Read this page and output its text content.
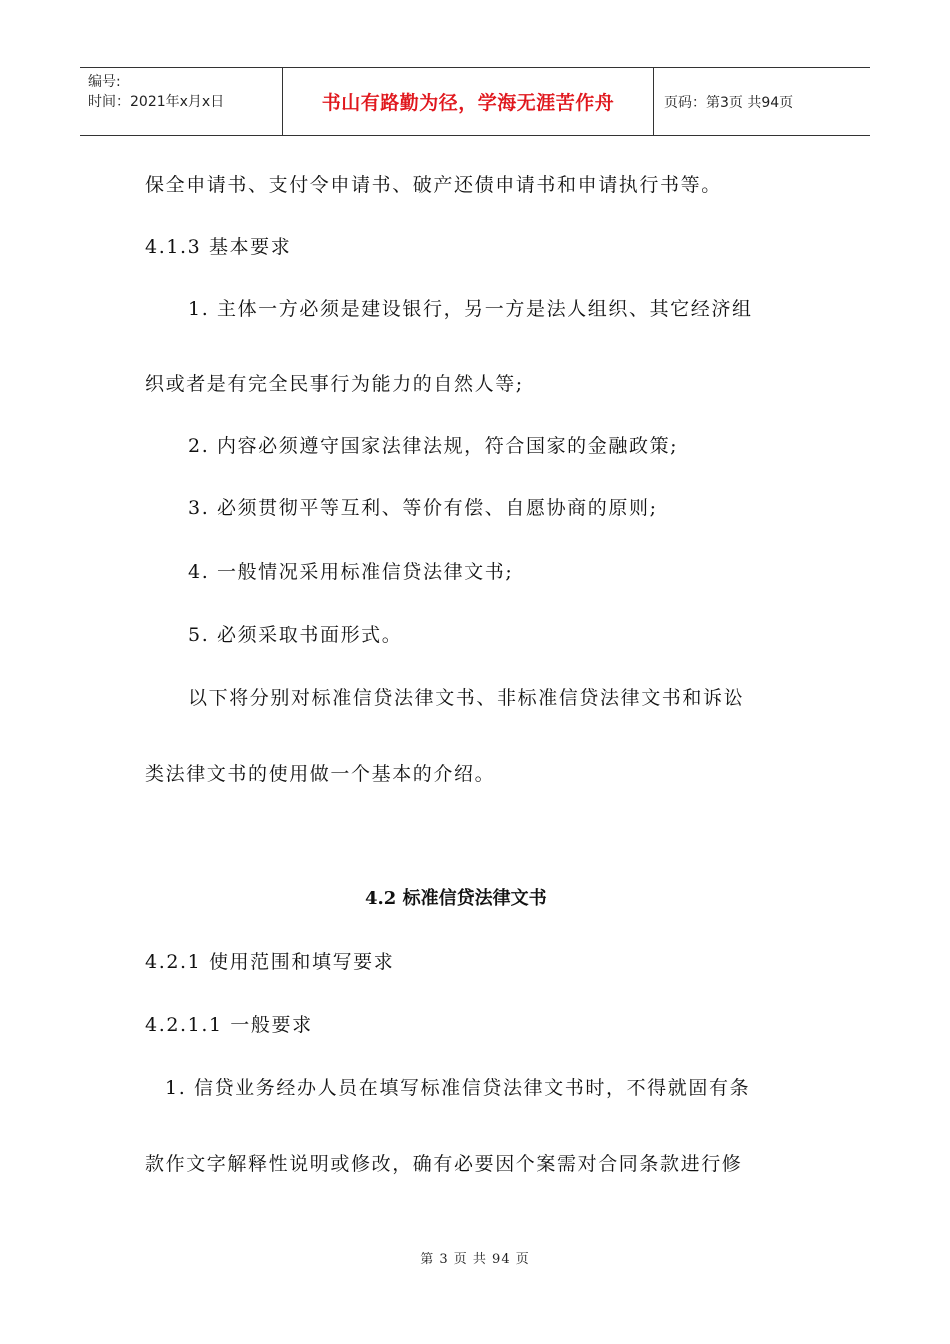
编号:
时间：2021年x月x日	书山有路勤为径，学海无涯苦作舟	页码：第3页 共94页
保全申请书、支付令申请书、破产还债申请书和申请执行书等。
4.1.3 基本要求
1. 主体一方必须是建设银行，另一方是法人组织、其它经济组
织或者是有完全民事行为能力的自然人等;
2. 内容必须遵守国家法律法规，符合国家的金融政策;
3. 必须贯彻平等互利、等价有偿、自愿协商的原则;
4. 一般情况采用标准信贷法律文书;
5. 必须采取书面形式。
以下将分别对标准信贷法律文书、非标准信贷法律文书和诉讼
类法律文书的使用做一个基本的介绍。
4.2 标准信贷法律文书
4.2.1 使用范围和填写要求
4.2.1.1 一般要求
1. 信贷业务经办人员在填写标准信贷法律文书时，不得就固有条
款作文字解释性说明或修改，确有必要因个案需对合同条款进行修
第 3 页 共 94 页
